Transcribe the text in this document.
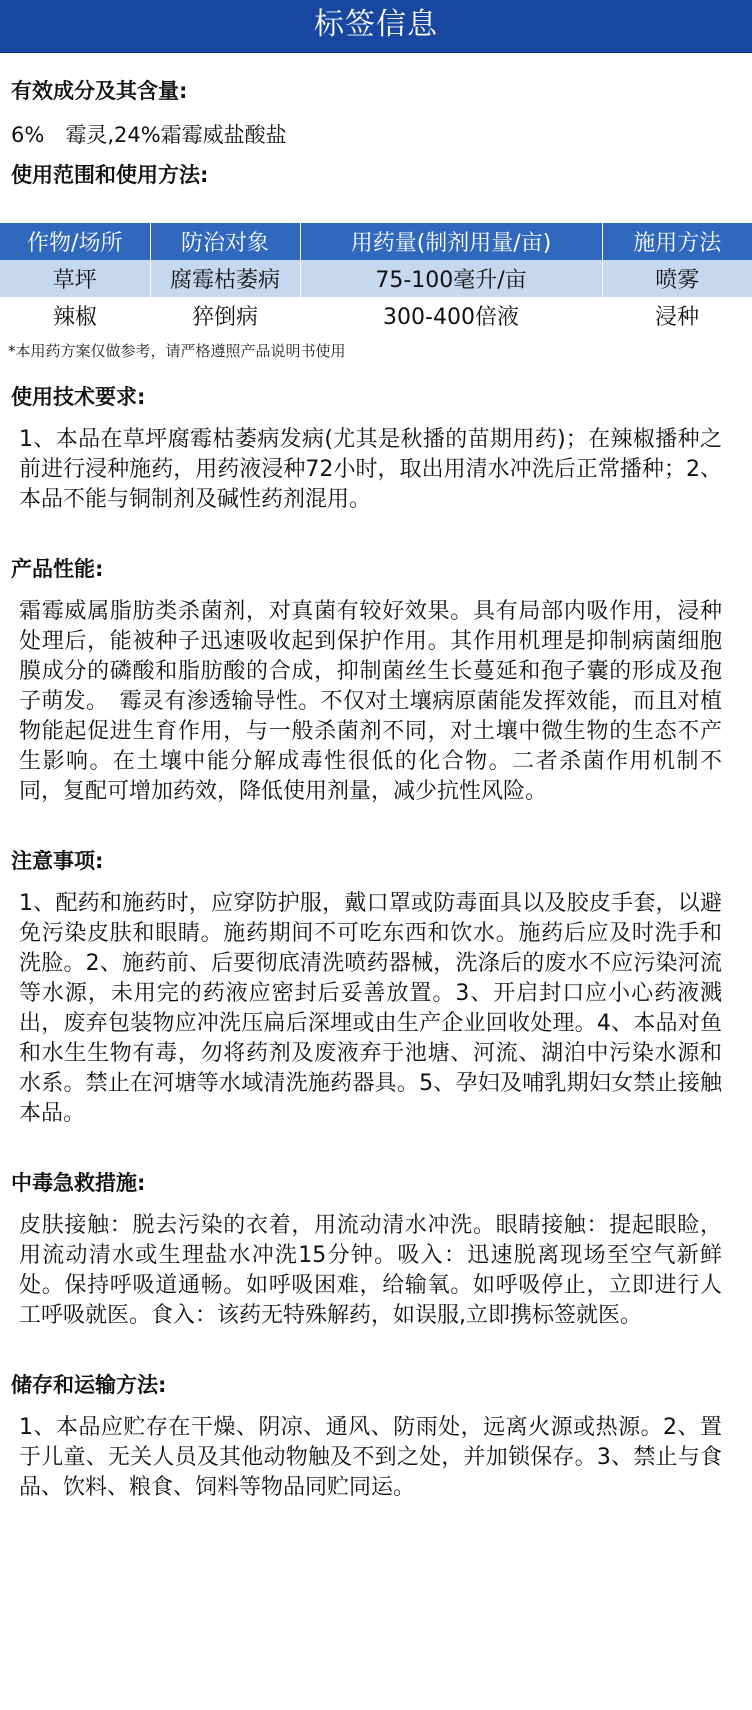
标签信息

有效成分及其含量:

6%　霉灵,24%霜霉威盐酸盐

使用范围和使用方法:

作物/场所	防治对象	用药量(制剂用量/亩)	施用方法
草坪	腐霉枯萎病	75-100毫升/亩	喷雾
辣椒	猝倒病	300-400倍液	浸种

*本用药方案仅做参考，请严格遵照产品说明书使用

使用技术要求:

1、本品在草坪腐霉枯萎病发病(尤其是秋播的苗期用药)；在辣椒播种之前进行浸种施药，用药液浸种72小时，取出用清水冲洗后正常播种；2、本品不能与铜制剂及碱性药剂混用。

产品性能:

霜霉威属脂肪类杀菌剂，对真菌有较好效果。具有局部内吸作用，浸种处理后，能被种子迅速吸收起到保护作用。其作用机理是抑制病菌细胞膜成分的磷酸和脂肪酸的合成，抑制菌丝生长蔓延和孢子囊的形成及孢子萌发。　霉灵有渗透输导性。不仅对土壤病原菌能发挥效能，而且对植物能起促进生育作用，与一般杀菌剂不同，对土壤中微生物的生态不产生影响。在土壤中能分解成毒性很低的化合物。二者杀菌作用机制不同，复配可增加药效，降低使用剂量，减少抗性风险。

注意事项:

1、配药和施药时，应穿防护服，戴口罩或防毒面具以及胶皮手套，以避免污染皮肤和眼睛。施药期间不可吃东西和饮水。施药后应及时洗手和洗脸。2、施药前、后要彻底清洗喷药器械，洗涤后的废水不应污染河流等水源，未用完的药液应密封后妥善放置。3、开启封口应小心药液溅出，废弃包装物应冲洗压扁后深埋或由生产企业回收处理。4、本品对鱼和水生生物有毒，勿将药剂及废液弃于池塘、河流、湖泊中污染水源和水系。禁止在河塘等水域清洗施药器具。5、孕妇及哺乳期妇女禁止接触本品。

中毒急救措施:

皮肤接触：脱去污染的衣着，用流动清水冲洗。眼睛接触：提起眼睑，用流动清水或生理盐水冲洗15分钟。吸入：迅速脱离现场至空气新鲜处。保持呼吸道通畅。如呼吸困难，给输氧。如呼吸停止，立即进行人工呼吸就医。食入：该药无特殊解药，如误服,立即携标签就医。

储存和运输方法:

1、本品应贮存在干燥、阴凉、通风、防雨处，远离火源或热源。2、置于儿童、无关人员及其他动物触及不到之处，并加锁保存。3、禁止与食品、饮料、粮食、饲料等物品同贮同运。
